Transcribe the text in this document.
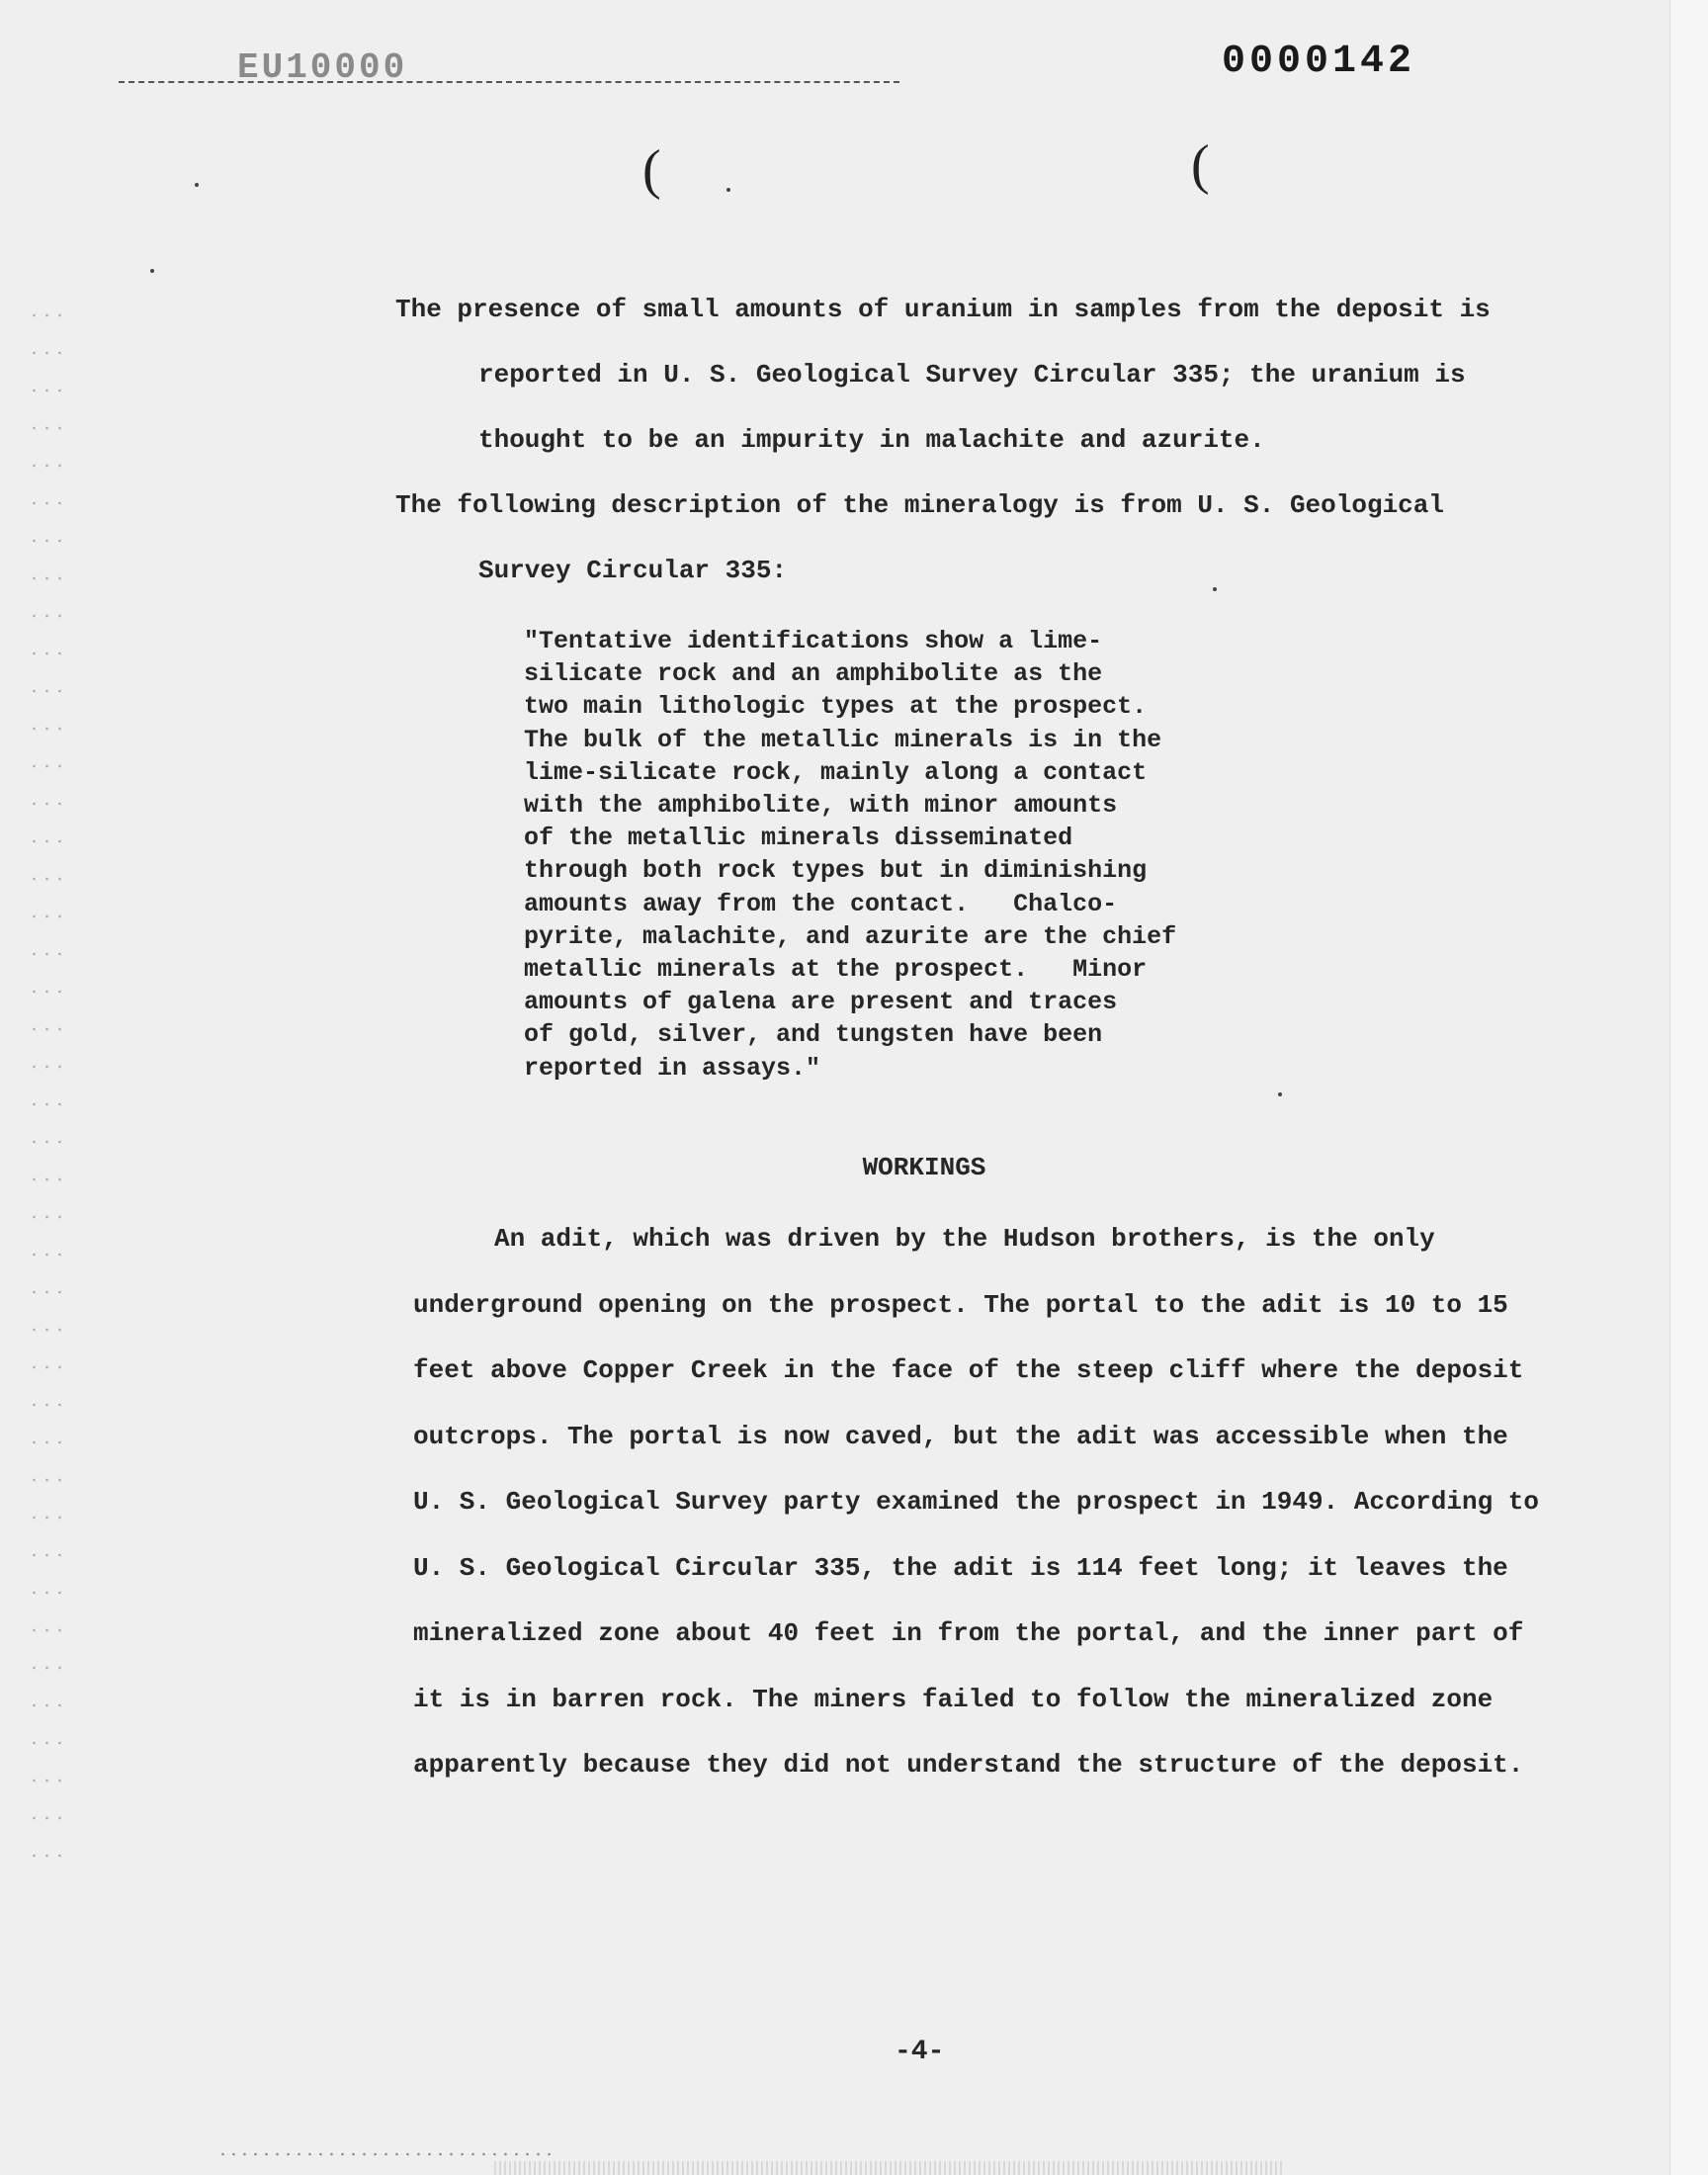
EU10000	0000142
(	(

The presence of small amounts of uranium in samples from the deposit is reported in U. S. Geological Survey Circular 335; the uranium is thought to be an impurity in malachite and azurite.

The following description of the mineralogy is from U. S. Geological Survey Circular 335:

"Tentative identifications show a lime-
silicate rock and an amphibolite as the
two main lithologic types at the prospect.
The bulk of the metallic minerals is in the
lime-silicate rock, mainly along a contact
with the amphibolite, with minor amounts
of the metallic minerals disseminated
through both rock types but in diminishing
amounts away from the contact.   Chalco-
pyrite, malachite, and azurite are the chief
metallic minerals at the prospect.   Minor
amounts of galena are present and traces
of gold, silver, and tungsten have been
reported in assays."
WORKINGS

An adit, which was driven by the Hudson brothers, is the only underground opening on the prospect. The portal to the adit is 10 to 15 feet above Copper Creek in the face of the steep cliff where the deposit outcrops. The portal is now caved, but the adit was accessible when the U. S. Geological Survey party examined the prospect in 1949. According to U. S. Geological Circular 335, the adit is 114 feet long; it leaves the mineralized zone about 40 feet in from the portal, and the inner part of it is in barren rock. The miners failed to follow the mineralized zone apparently because they did not understand the structure of the deposit.

-4-
